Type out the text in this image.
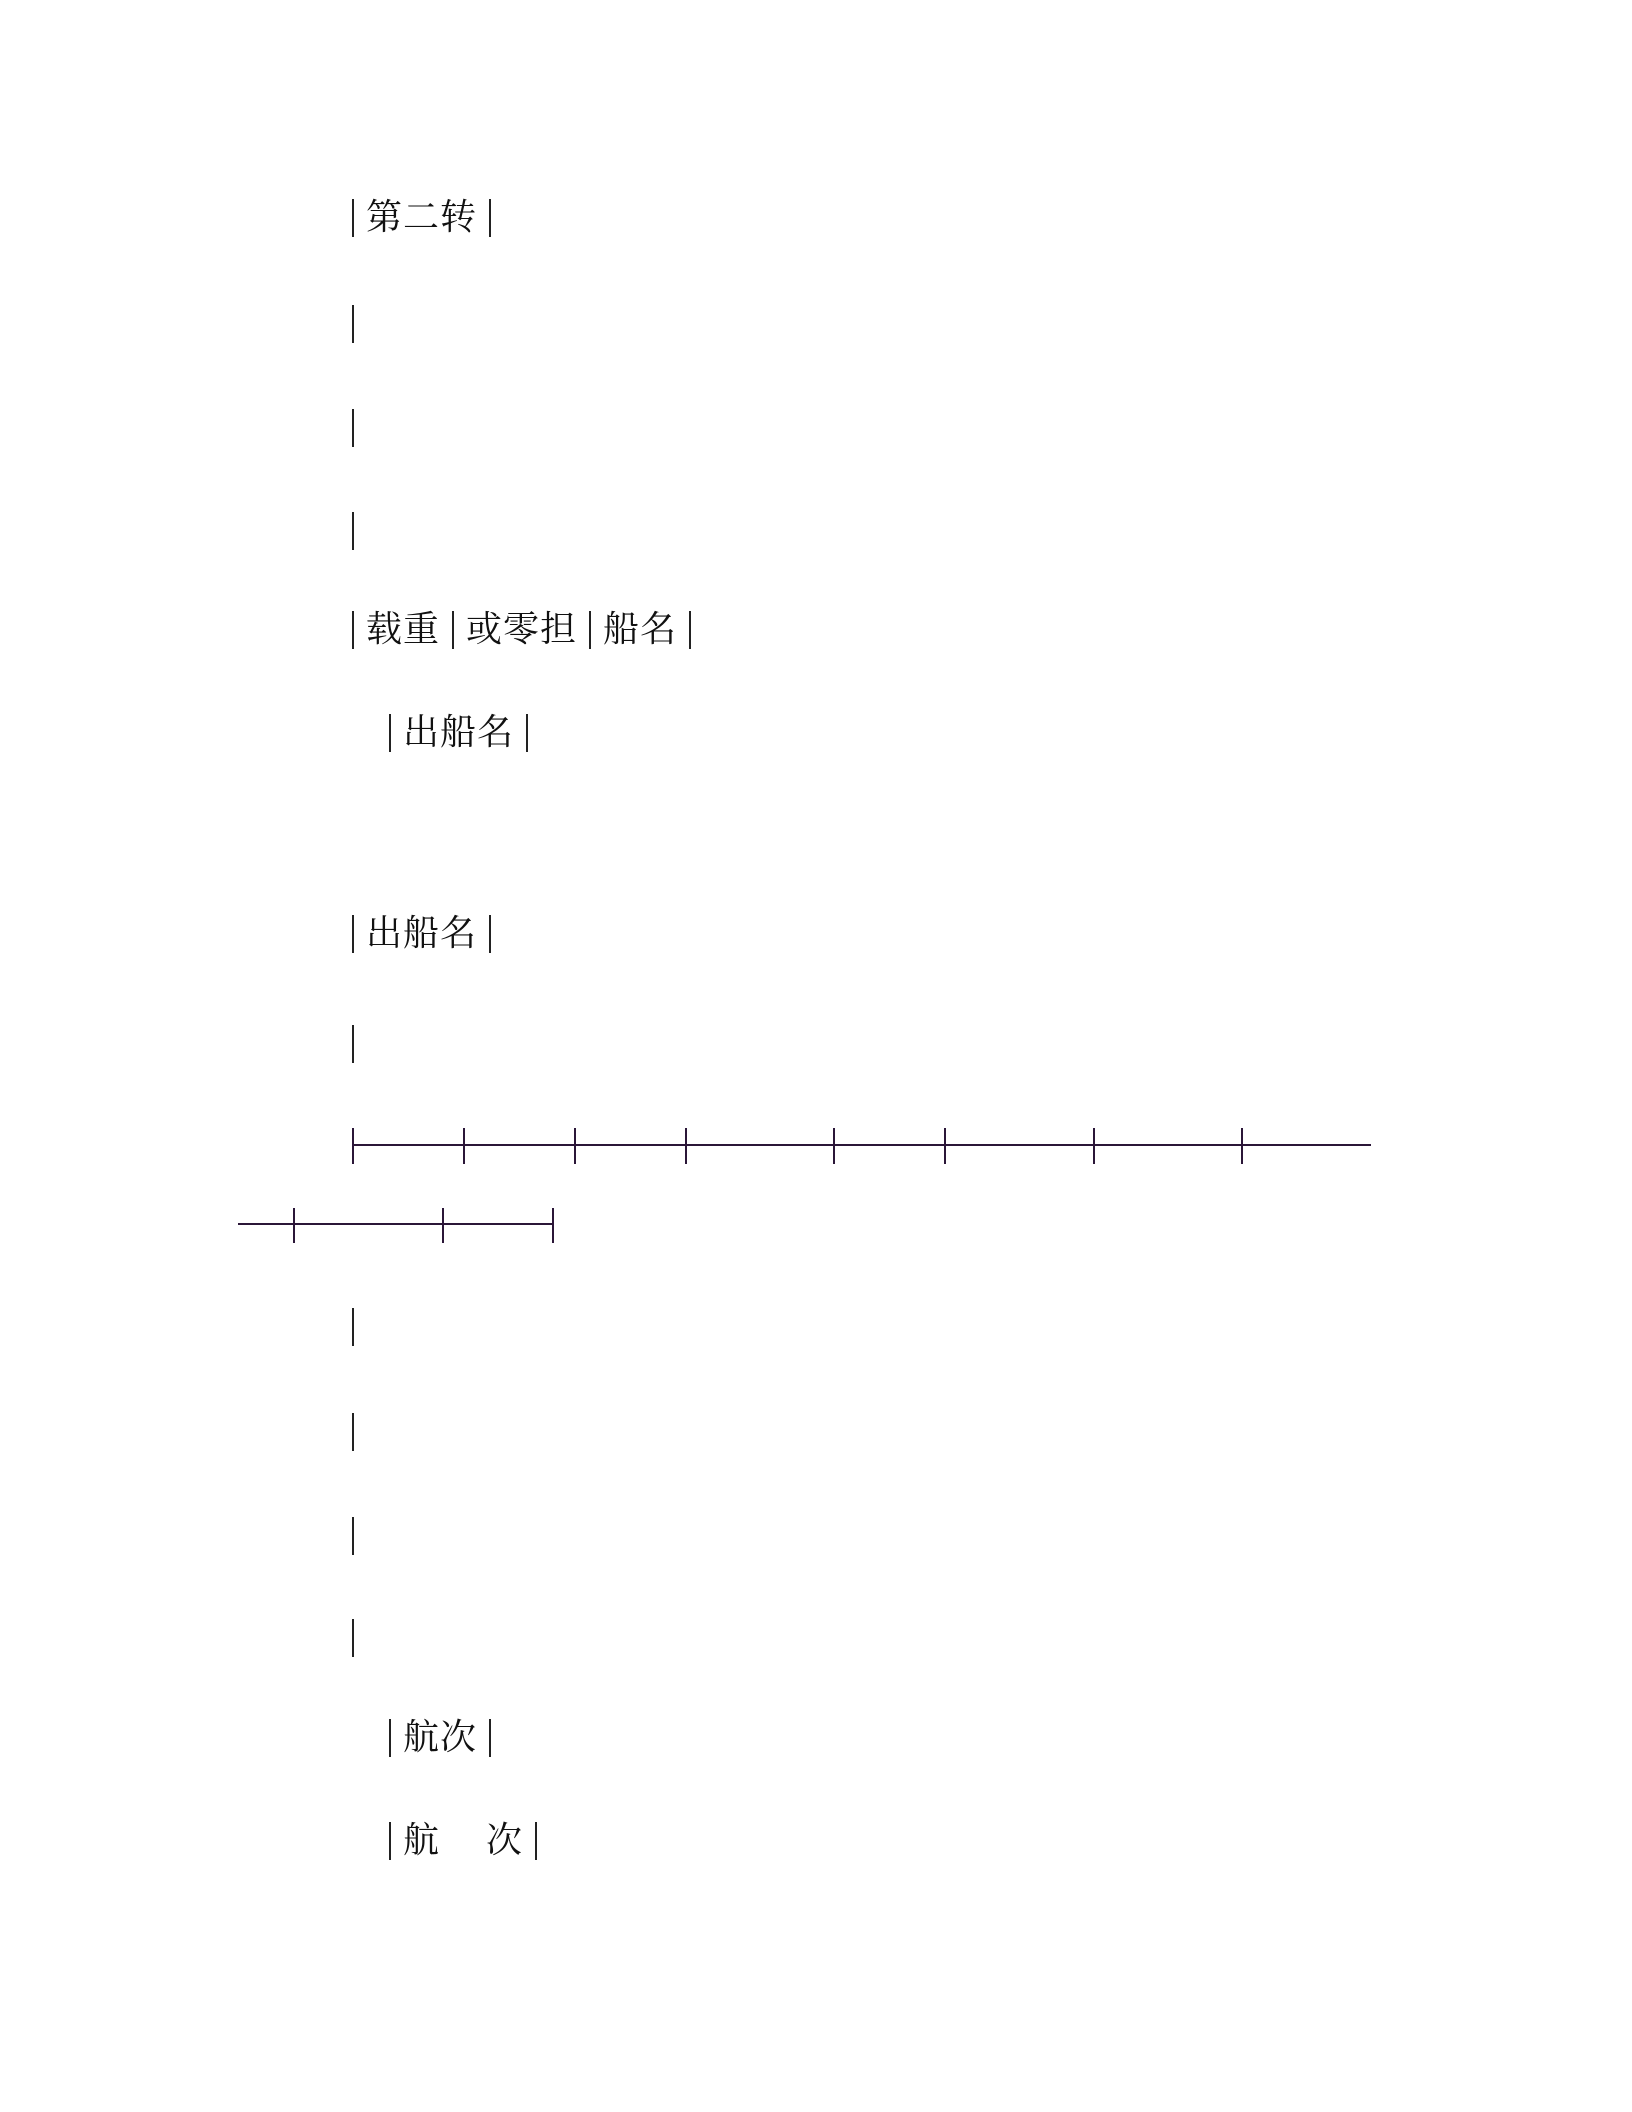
第二转
载重 或零担 船名
出船名
出船名
航次
航 次
